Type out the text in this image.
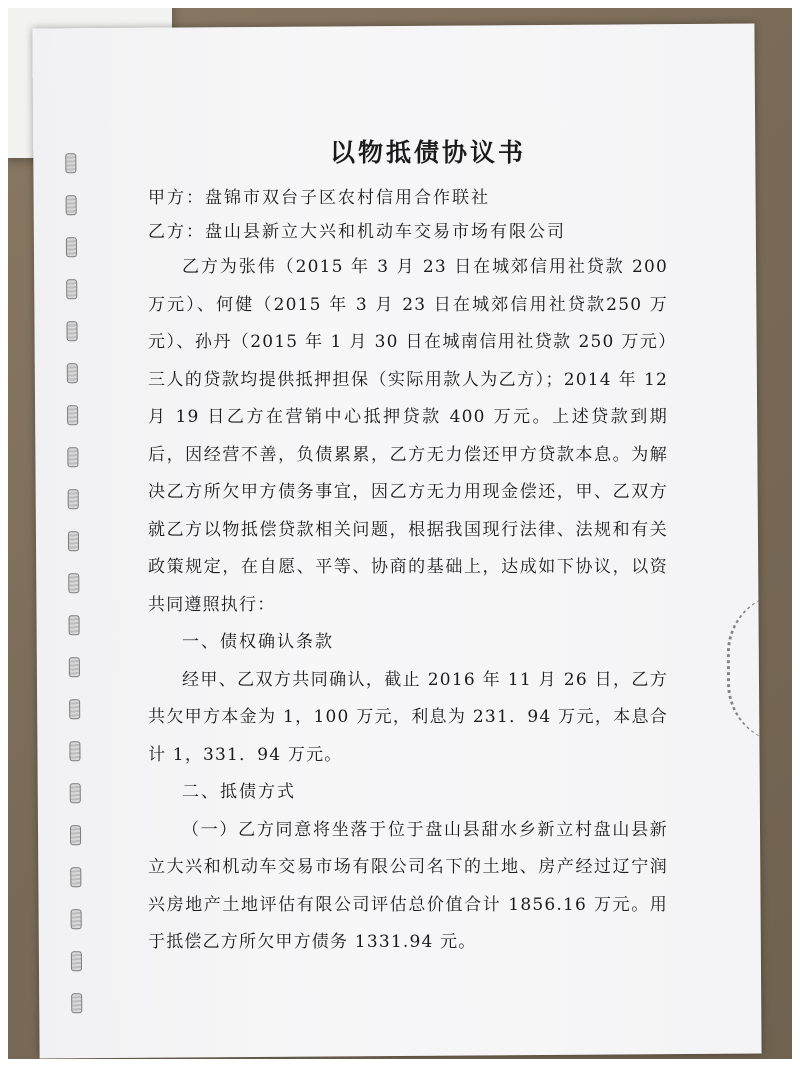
以物抵债协议书
甲方：盘锦市双台子区农村信用合作联社
乙方：盘山县新立大兴和机动车交易市场有限公司

乙方为张伟（2015 年 3 月 23 日在城郊信用社贷款 200 万元）、何健（2015 年 3 月 23 日在城郊信用社贷款250 万元）、孙丹（2015 年 1 月 30 日在城南信用社贷款 250 万元）三人的贷款均提供抵押担保（实际用款人为乙方）；2014 年 12 月 19 日乙方在营销中心抵押贷款 400 万元。上述贷款到期后，因经营不善，负债累累，乙方无力偿还甲方贷款本息。为解决乙方所欠甲方债务事宜，因乙方无力用现金偿还，甲、乙双方就乙方以物抵偿贷款相关问题，根据我国现行法律、法规和有关政策规定，在自愿、平等、协商的基础上，达成如下协议，以资共同遵照执行：

一、债权确认条款

经甲、乙双方共同确认，截止 2016 年 11 月 26 日，乙方共欠甲方本金为 1，100 万元，利息为 231．94 万元，本息合计 1，331．94 万元。

二、抵债方式

（一）乙方同意将坐落于位于盘山县甜水乡新立村盘山县新立大兴和机动车交易市场有限公司名下的土地、房产经过辽宁润兴房地产土地评估有限公司评估总价值合计 1856.16 万元。用于抵偿乙方所欠甲方债务 1331.94 元。
